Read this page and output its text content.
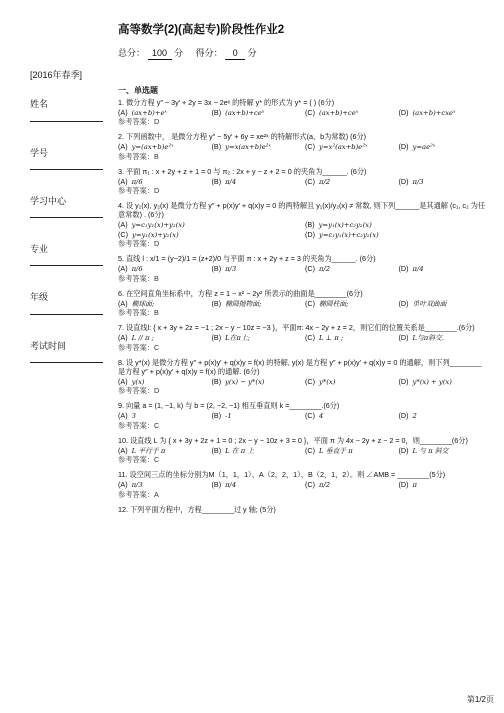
高等数学(2)(高起专)阶段性作业2
总分： 100 分 得分： 0 分
[2016年春季]
姓名
学号
学习中心
专业
年级
考试时间
一、单选题
1. 微分方程 y″ − 3y′ + 2y = 3x − 2eˣ 的特解 y* 的形式为 y* = ( ) (6分)
(A) (ax+b)+eˣ	(B) (ax+b)+ceˣ	(C) (ax+b)+ceˣ	(D) (ax+b)+cxeˣ
参考答案：D
2. 下列函数中， 是微分方程 y″ − 5y′ + 6y = xe²ˣ 的特解形式(a、b为常数) (6分)
(A) y=(ax+b)e²ˣ	(B) y=x(ax+b)e²ˣ	(C) y=x²(ax+b)e²ˣ	(D) y=ae²ˣ
参考答案：B
3. 平面 π₁ : x + 2y + z + 1 = 0 与 π₂ : 2x + y − z + 2 = 0 的夹角为______. (6分)
(A) π/6	(B) π/4	(C) π/2	(D) π/3
参考答案：D
4. 设 y₁(x), y₂(x) 是微分方程 y″ + p(x)y′ + q(x)y = 0 的两特解且 y₁(x)/y₂(x) ≠ 常数, 则下列______是其通解 (c₁, c₂ 为任意常数) . (6分)
(A) y=c₁y₁(x)+y₂(x)	(B) y=y₁(x)+c₂y₂(x)
(C) y=y₁(x)+y₂(x)	(D) y=c₁y₁(x)+c₂y₂(x)
参考答案：D
5. 直线 l : x/1 = (y−2)/1 = (z+2)/0 与平面 π : x + 2y + z = 3 的夹角为______. (6分)
(A) π/6	(B) π/3	(C) π/2	(D) π/4
参考答案：B
6. 在空间直角坐标系中，方程 z = 1 − x² − 2y² 所表示的曲面是________(6分)
(A) 椭球面;	(B) 椭圆抛物面;	(C) 椭圆柱面;	(D) 单叶双曲面
参考答案：B
7. 设直线l: { x + 3y + 2z = −1 ; 2x − y − 10z = −3 }，平面π: 4x − 2y + z = 2，则它们的位置关系是________.(6分)
(A) L // π ;	(B) L在π上;	(C) L ⊥ π ;	(D) L与π斜交.
参考答案：C
8. 设 y*(x) 是微分方程 y″ + p(x)y′ + q(x)y = f(x) 的特解, y(x) 是方程 y″ + p(x)y′ + q(x)y = 0 的通解，则下列________是方程 y″ + p(x)y′ + q(x)y = f(x) 的通解. (6分)
(A) y(x)	(B) y(x) − y*(x)	(C) y*(x)	(D) y*(x) + y(x)
参考答案：D
9. 向量 a = (1, −1, k) 与 b = (2, −2, −1) 相互垂直则 k =________.(6分)
(A) 3	(B) -1	(C) 4	(D) 2
参考答案：C
10. 设直线 L 为 { x + 3y + 2z + 1 = 0 ; 2x − y − 10z + 3 = 0 }，平面 π 为 4x − 2y + z − 2 = 0，则________(6分)
(A) L 平行于 π	(B) L 在 π 上	(C) L 垂直于 π	(D) L 与 π 斜交
参考答案：C
11. 设空间三点的坐标分别为M（1，1，1）、A（2，2，1）、B（2，1，2）。则 ∠AMB = ________(5分)
(A) π/3	(B) π/4	(C) π/2	(D) π
参考答案：A
12. 下列平面方程中，方程________过 y 轴; (5分)
第1/2页
